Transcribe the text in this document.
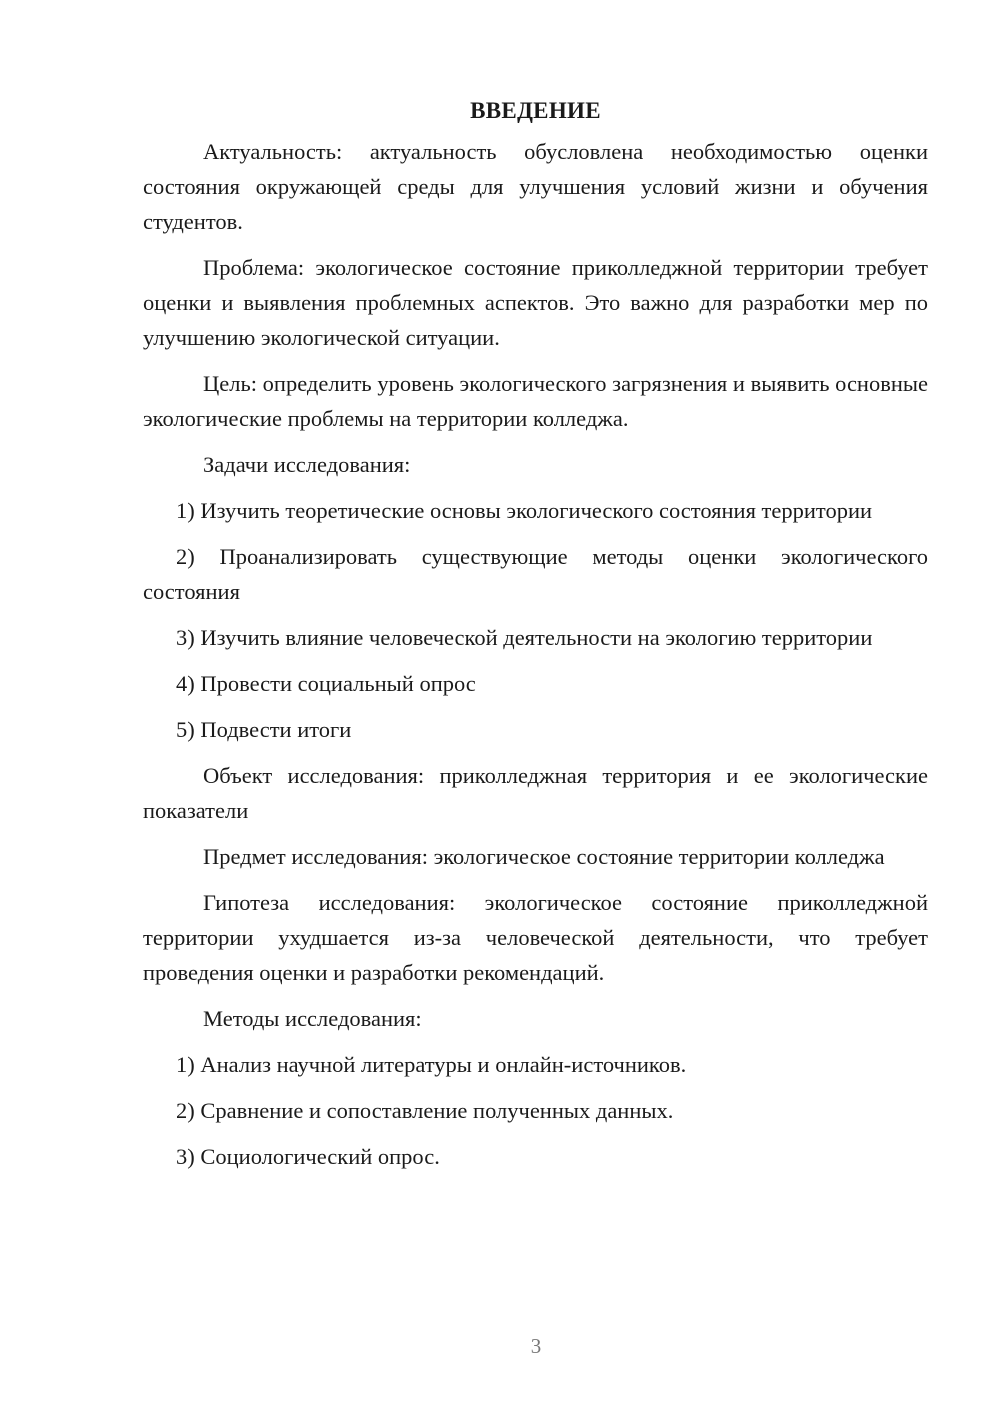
ВВЕДЕНИЕ

Актуальность: актуальность обусловлена необходимостью оценки состояния окружающей среды для улучшения условий жизни и обучения студентов.

Проблема: экологическое состояние приколледжной территории требует оценки и выявления проблемных аспектов. Это важно для разработки мер по улучшению экологической ситуации.

Цель: определить уровень экологического загрязнения и выявить основные экологические проблемы на территории колледжа.

Задачи исследования:

1) Изучить теоретические основы экологического состояния территории

2) Проанализировать существующие методы оценки экологического состояния

3) Изучить влияние человеческой деятельности на экологию территории

4) Провести социальный опрос

5) Подвести итоги

Объект исследования: приколледжная территория и ее экологические показатели

Предмет исследования: экологическое состояние территории колледжа

Гипотеза исследования: экологическое состояние приколледжной территории ухудшается из-за человеческой деятельности, что требует проведения оценки и разработки рекомендаций.

Методы исследования:

1) Анализ научной литературы и онлайн-источников.

2) Сравнение и сопоставление полученных данных.

3) Социологический опрос.

3
